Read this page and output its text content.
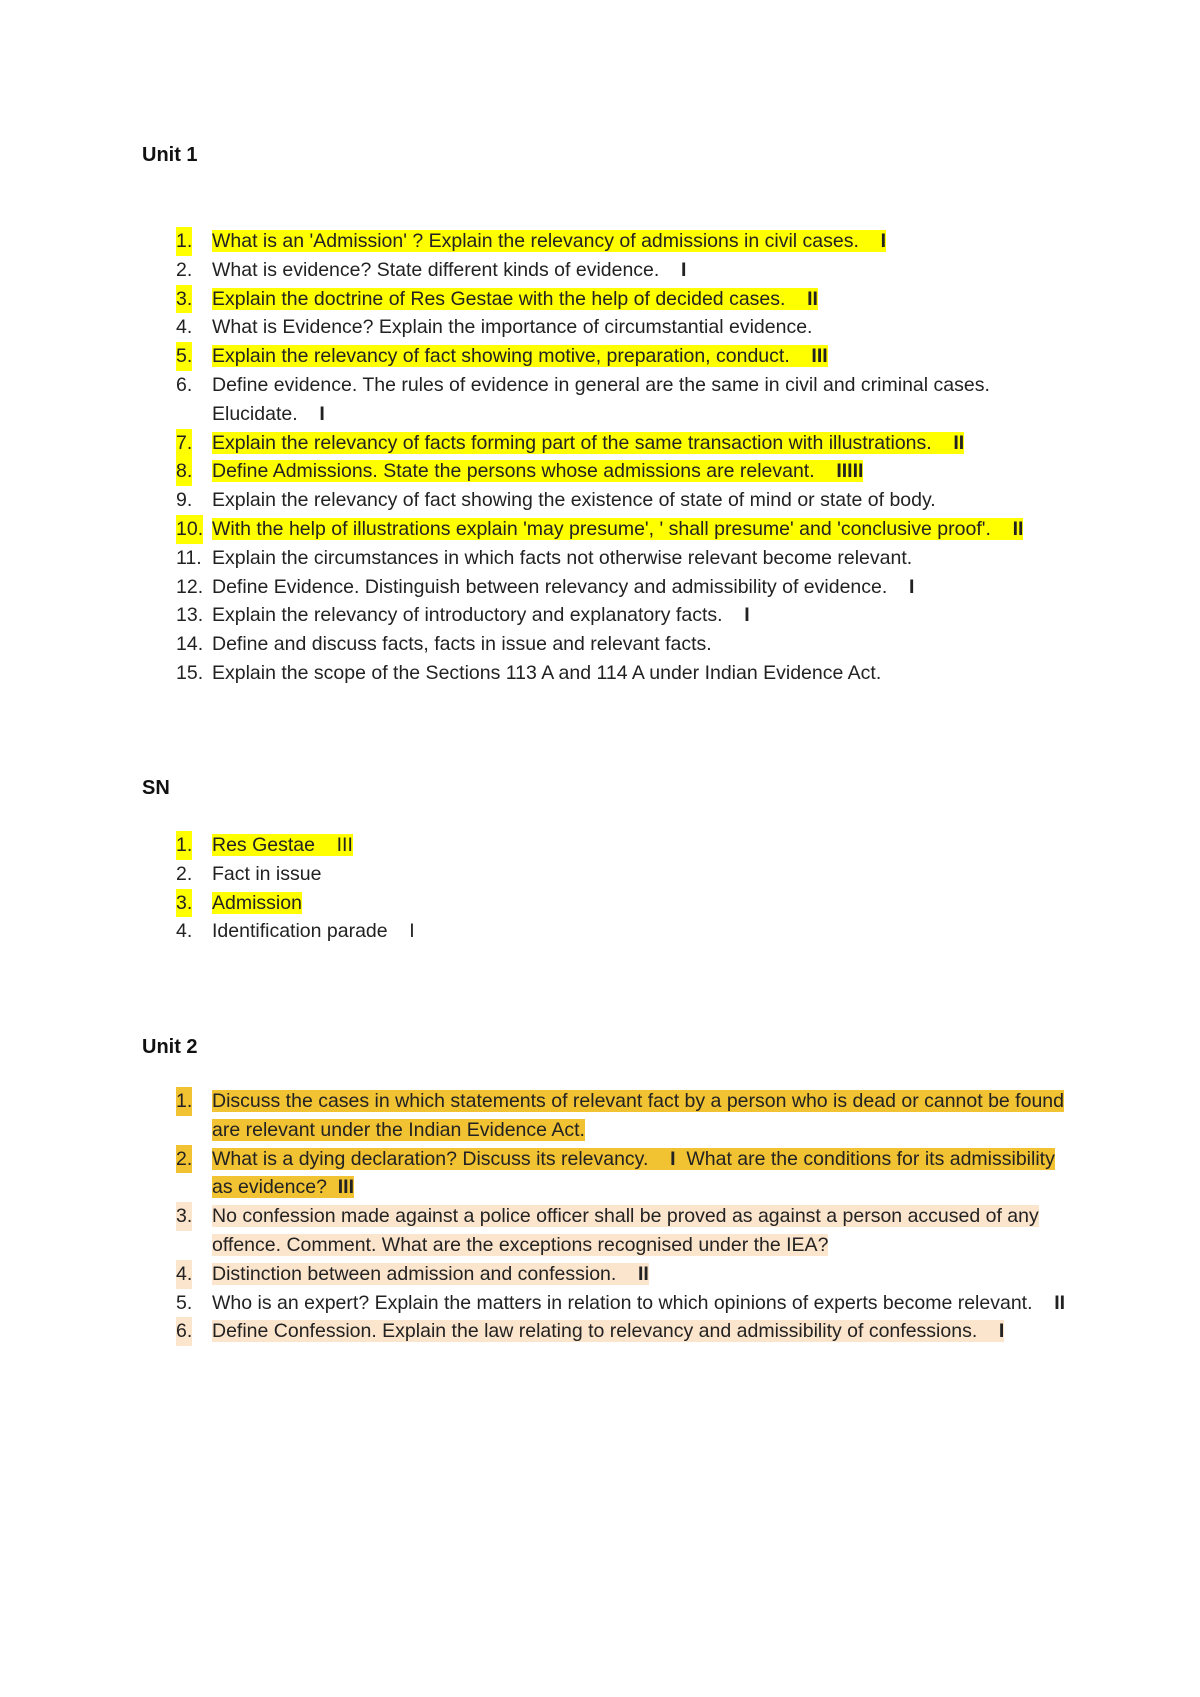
Unit 1
1. What is an 'Admission' ? Explain the relevancy of admissions in civil cases. I
2. What is evidence? State different kinds of evidence. I
3. Explain the doctrine of Res Gestae with the help of decided cases. II
4. What is Evidence? Explain the importance of circumstantial evidence.
5. Explain the relevancy of fact showing motive, preparation, conduct. III
6. Define evidence. The rules of evidence in general are the same in civil and criminal cases. Elucidate. I
7. Explain the relevancy of facts forming part of the same transaction with illustrations. II
8. Define Admissions. State the persons whose admissions are relevant. IIIII
9. Explain the relevancy of fact showing the existence of state of mind or state of body.
10. With the help of illustrations explain 'may presume', ' shall presume' and 'conclusive proof'. II
11. Explain the circumstances in which facts not otherwise relevant become relevant.
12. Define Evidence. Distinguish between relevancy and admissibility of evidence. I
13. Explain the relevancy of introductory and explanatory facts. I
14. Define and discuss facts, facts in issue and relevant facts.
15. Explain the scope of the Sections 113 A and 114 A under Indian Evidence Act.
SN
1. Res Gestae III
2. Fact in issue
3. Admission
4. Identification parade I
Unit 2
1. Discuss the cases in which statements of relevant fact by a person who is dead or cannot be found are relevant under the Indian Evidence Act.
2. What is a dying declaration? Discuss its relevancy. I What are the conditions for its admissibility as evidence? III
3. No confession made against a police officer shall be proved as against a person accused of any offence. Comment. What are the exceptions recognised under the IEA?
4. Distinction between admission and confession. II
5. Who is an expert? Explain the matters in relation to which opinions of experts become relevant. II
6. Define Confession. Explain the law relating to relevancy and admissibility of confessions. I
